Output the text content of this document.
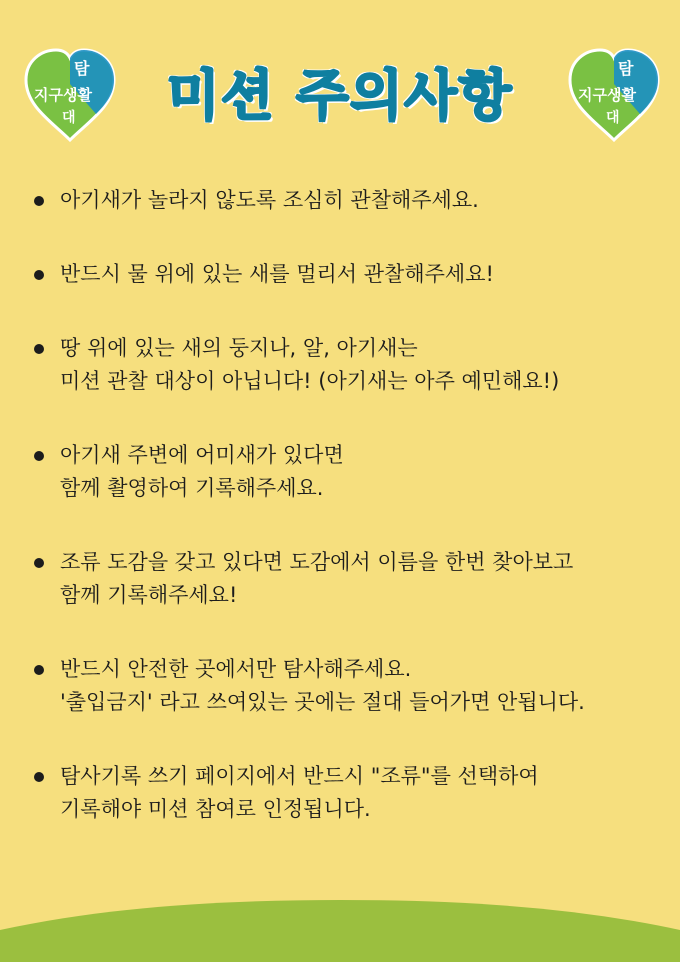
탐
지구생활
대	미션 주의사항	탐
지구생활
대
아기새가 놀라지 않도록 조심히 관찰해주세요.
반드시 물 위에 있는 새를 멀리서 관찰해주세요!
땅 위에 있는 새의 둥지나, 알, 아기새는
미션 관찰 대상이 아닙니다! (아기새는 아주 예민해요!)
아기새 주변에 어미새가 있다면
함께 촬영하여 기록해주세요.
조류 도감을 갖고 있다면 도감에서 이름을 한번 찾아보고
함께 기록해주세요!
반드시 안전한 곳에서만 탐사해주세요.
'출입금지' 라고 쓰여있는 곳에는 절대 들어가면 안됩니다.
탐사기록 쓰기 페이지에서 반드시 "조류"를 선택하여
기록해야 미션 참여로 인정됩니다.
